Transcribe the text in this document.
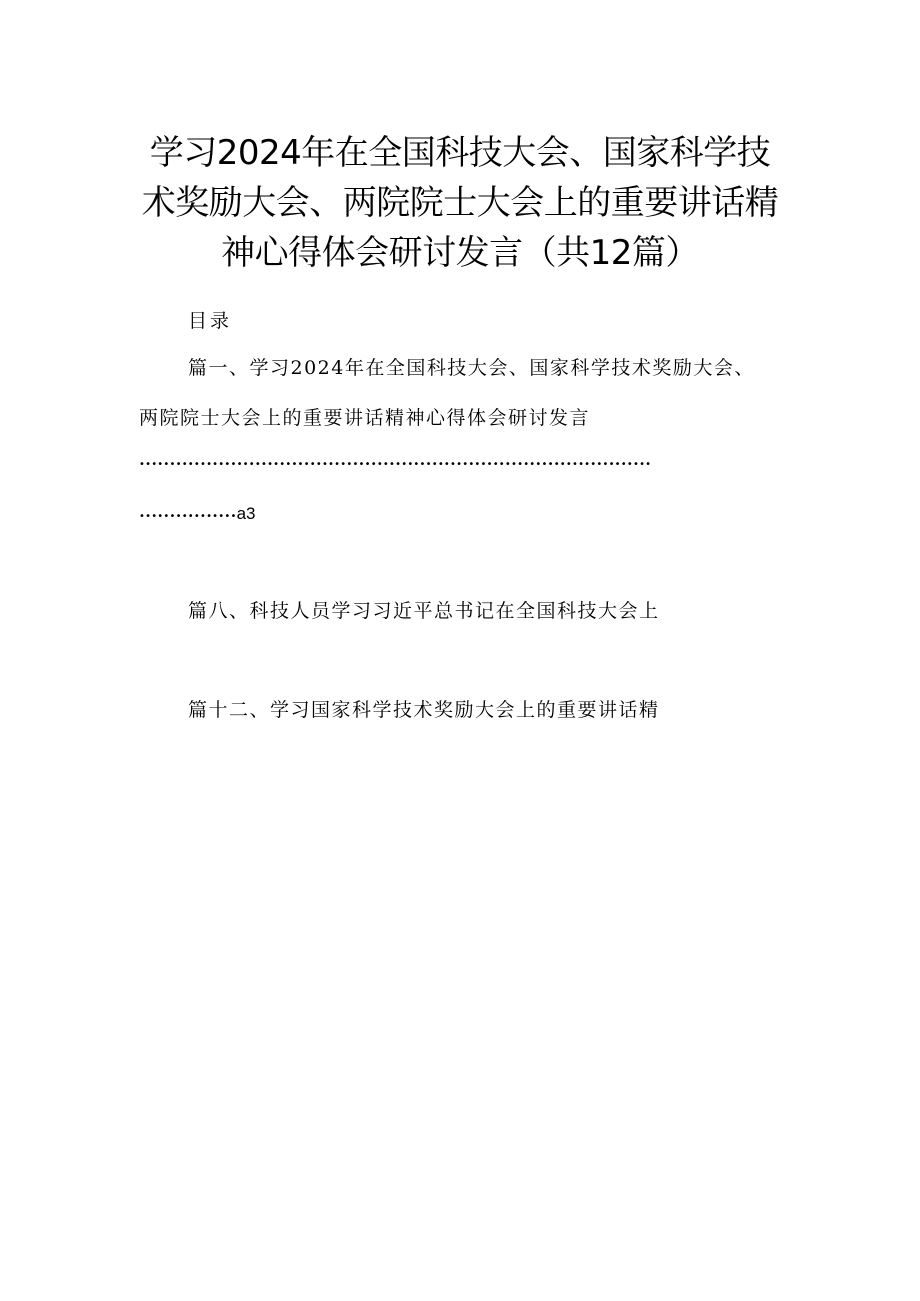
学习2024年在全国科技大会、国家科学技
术奖励大会、两院院士大会上的重要讲话精
神心得体会研讨发言（共12篇）
目录
篇一、学习2024年在全国科技大会、国家科学技术奖励大会、
两院院士大会上的重要讲话精神心得体会研讨发言
••••••••••••••••••••••••••••••••••••••••••••••••••••••••••••••••••••••••••••••••••••
••••••••••••••••a3
篇八、科技人员学习习近平总书记在全国科技大会上
篇十二、学习国家科学技术奖励大会上的重要讲话精
